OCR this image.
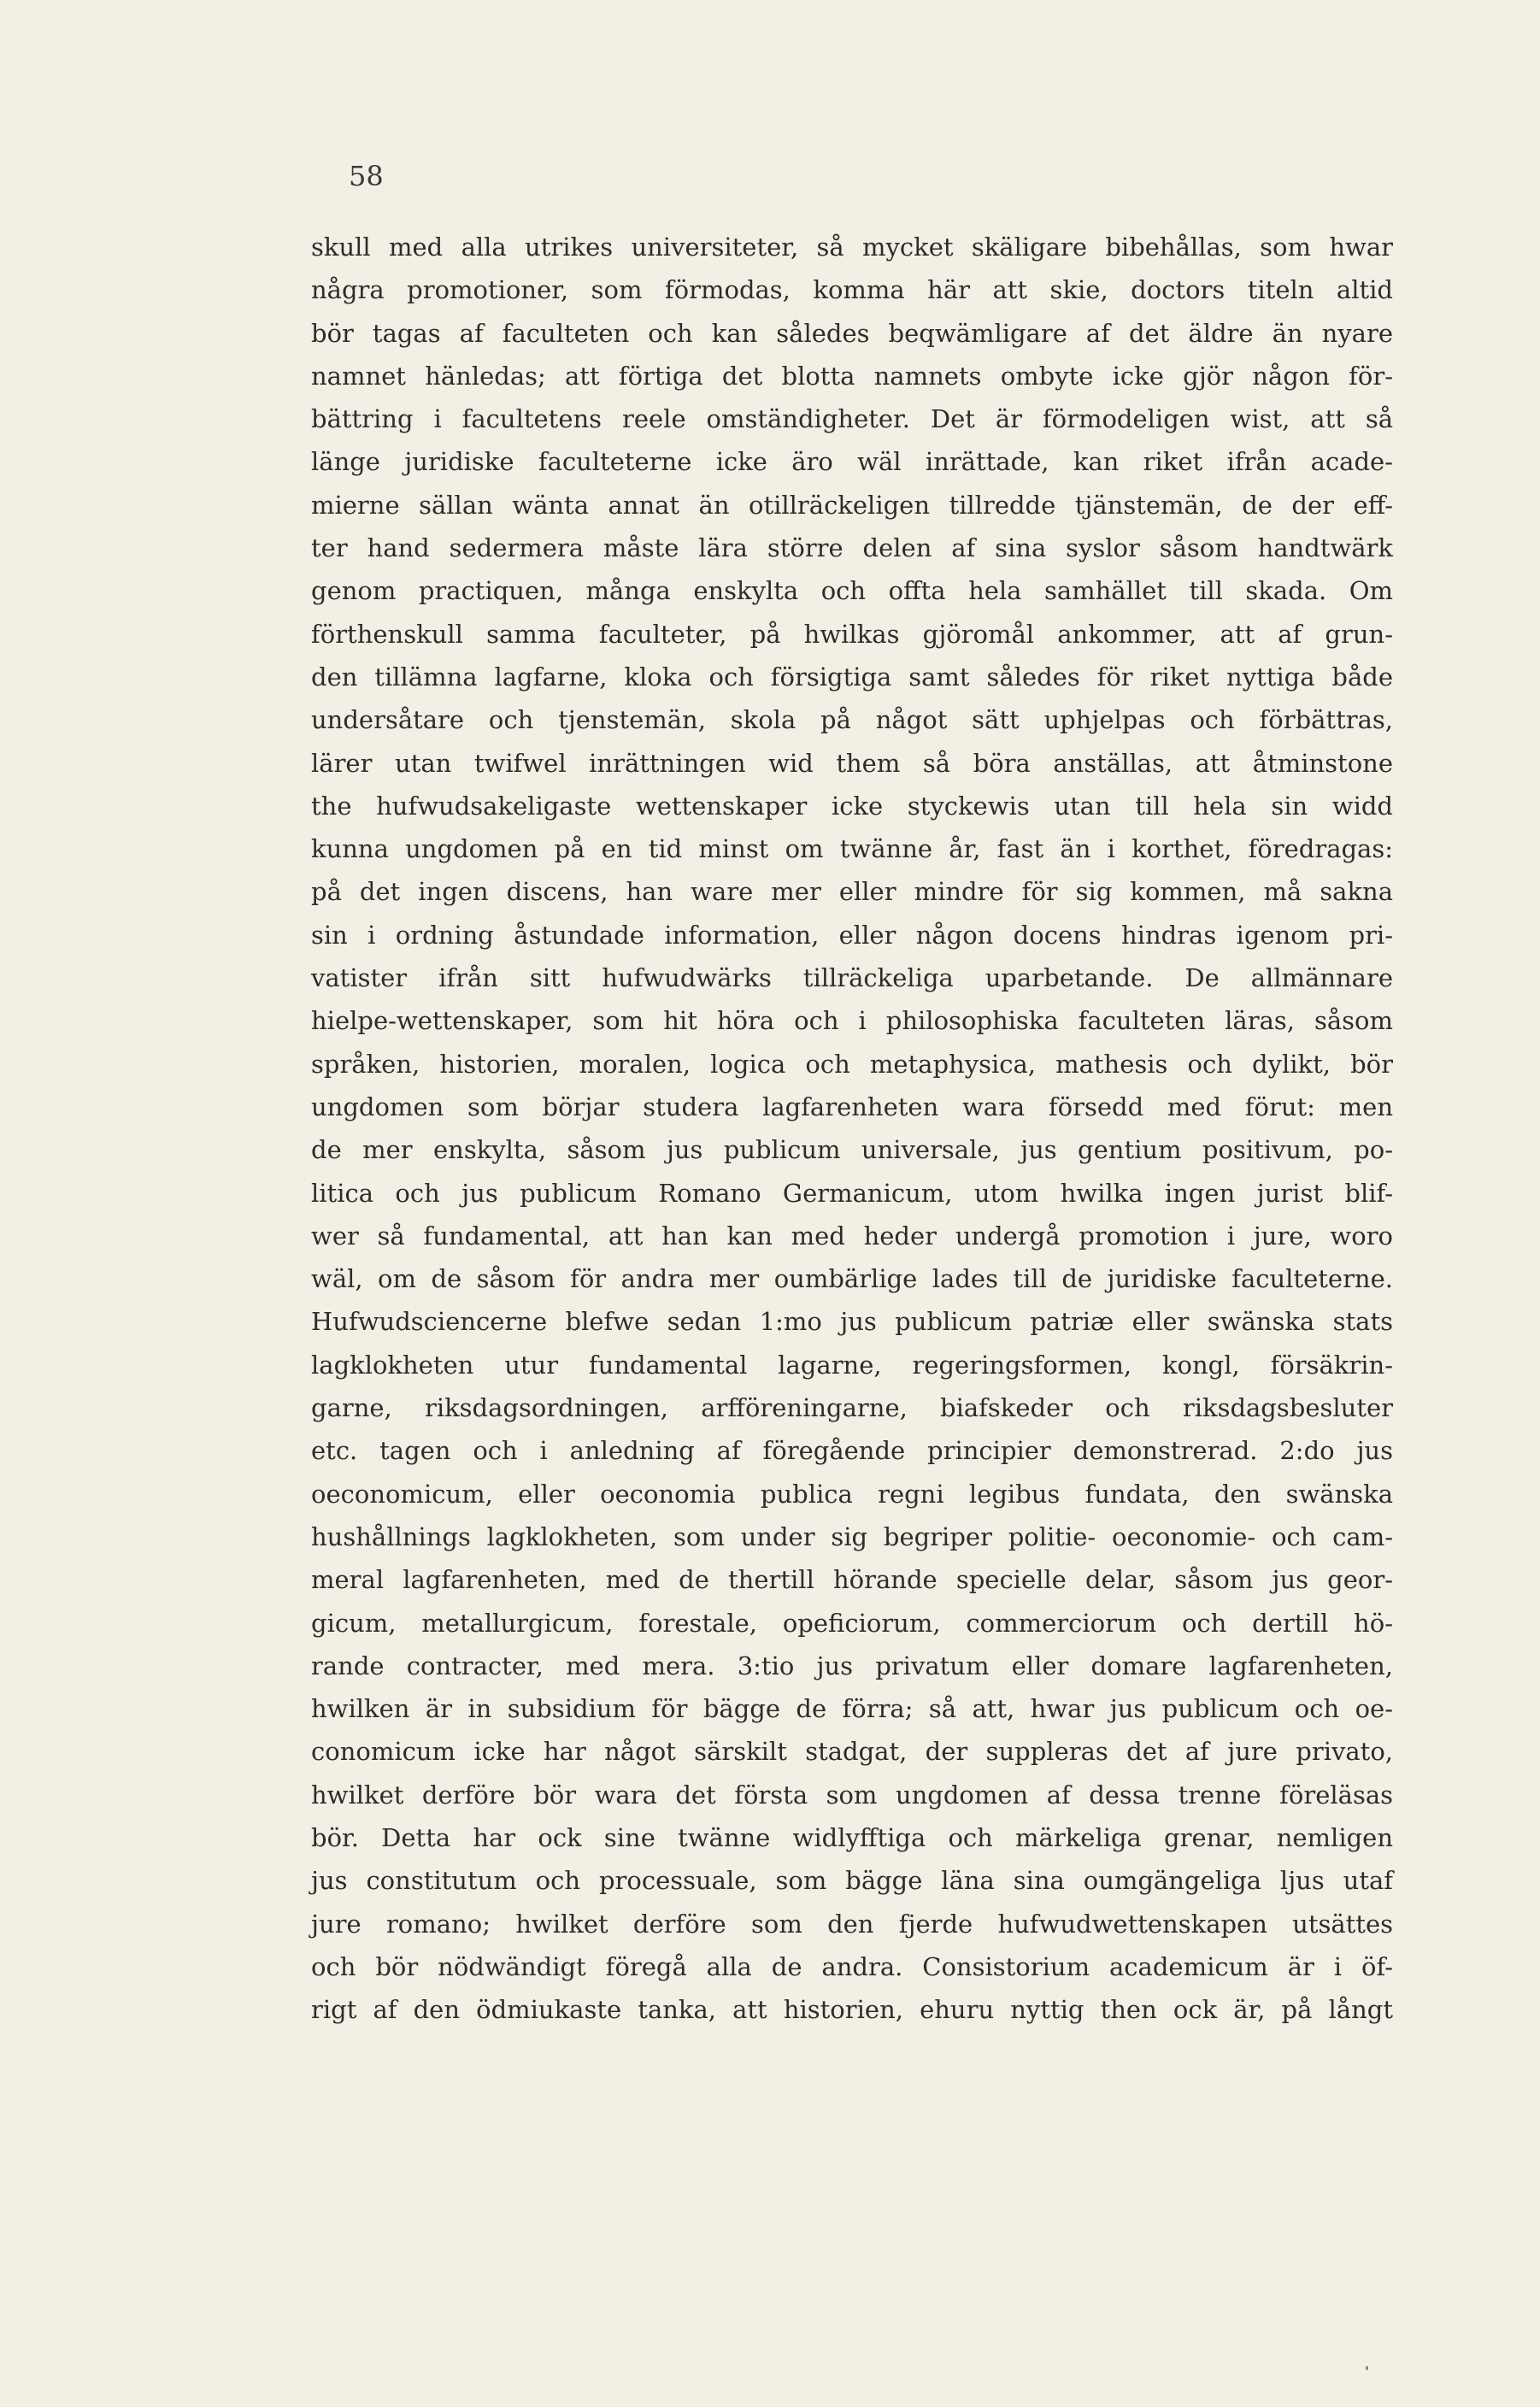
58
skull med alla utrikes universiteter, så mycket skäligare bibehållas, som hwar
några promotioner, som förmodas, komma här att skie, doctors titeln altid
bör tagas af faculteten och kan således beqwämligare af det äldre än nyare
namnet hänledas; att förtiga det blotta namnets ombyte icke gjör någon för-
bättring i facultetens reele omständigheter. Det är förmodeligen wist, att så
länge juridiske faculteterne icke äro wäl inrättade, kan riket ifrån acade-
mierne sällan wänta annat än otillräckeligen tillredde tjänstemän, de der eff-
ter hand sedermera måste lära större delen af sina syslor såsom handtwärk
genom practiquen, många enskylta och offta hela samhället till skada. Om
förthenskull samma faculteter, på hwilkas gjöromål ankommer, att af grun-
den tillämna lagfarne, kloka och försigtiga samt således för riket nyttiga både
undersåtare och tjenstemän, skola på något sätt uphjelpas och förbättras,
lärer utan twifwel inrättningen wid them så böra anställas, att åtminstone
the hufwudsakeligaste wettenskaper icke styckewis utan till hela sin widd
kunna ungdomen på en tid minst om twänne år, fast än i korthet, föredragas:
på det ingen discens, han ware mer eller mindre för sig kommen, må sakna
sin i ordning åstundade information, eller någon docens hindras igenom pri-
vatister ifrån sitt hufwudwärks tillräckeliga uparbetande. De allmännare
hielpe-wettenskaper, som hit höra och i philosophiska faculteten läras, såsom
språken, historien, moralen, logica och metaphysica, mathesis och dylikt, bör
ungdomen som börjar studera lagfarenheten wara försedd med förut: men
de mer enskylta, såsom jus publicum universale, jus gentium positivum, po-
litica och jus publicum Romano Germanicum, utom hwilka ingen jurist blif-
wer så fundamental, att han kan med heder undergå promotion i jure, woro
wäl, om de såsom för andra mer oumbärlige lades till de juridiske faculteterne.
Hufwudsciencerne blefwe sedan 1:mo jus publicum patriæ eller swänska stats
lagklokheten utur fundamental lagarne, regeringsformen, kongl, försäkrin-
garne, riksdagsordningen, arfföreningarne, biafskeder och riksdagsbesluter
etc. tagen och i anledning af föregående principier demonstrerad. 2:do jus
oeconomicum, eller oeconomia publica regni legibus fundata, den swänska
hushållnings lagklokheten, som under sig begriper politie- oeconomie- och cam-
meral lagfarenheten, med de thertill hörande specielle delar, såsom jus geor-
gicum, metallurgicum, forestale, opeficiorum, commerciorum och dertill hö-
rande contracter, med mera. 3:tio jus privatum eller domare lagfarenheten,
hwilken är in subsidium för bägge de förra; så att, hwar jus publicum och oe-
conomicum icke har något särskilt stadgat, der suppleras det af jure privato,
hwilket derföre bör wara det första som ungdomen af dessa trenne föreläsas
bör. Detta har ock sine twänne widlyfftiga och märkeliga grenar, nemligen
jus constitutum och processuale, som bägge läna sina oumgängeliga ljus utaf
jure romano; hwilket derföre som den fjerde hufwudwettenskapen utsättes
och bör nödwändigt föregå alla de andra. Consistorium academicum är i öf-
rigt af den ödmiukaste tanka, att historien, ehuru nyttig then ock är, på långt
